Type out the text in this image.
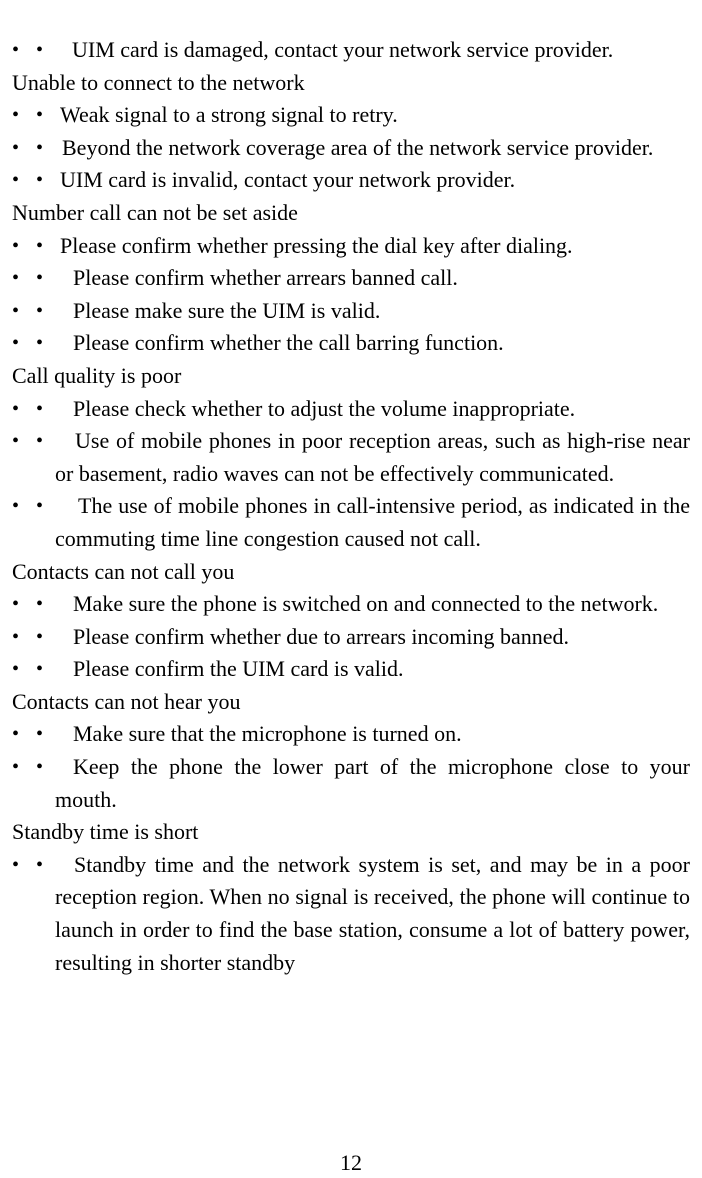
• • UIM card is damaged, contact your network service provider.
Unable to connect to the network
• • Weak signal to a strong signal to retry.
• • Beyond the network coverage area of the network service provider.
• • UIM card is invalid, contact your network provider.
Number call can not be set aside
• • Please confirm whether pressing the dial key after dialing.
• • Please confirm whether arrears banned call.
• • Please make sure the UIM is valid.
• • Please confirm whether the call barring function.
Call quality is poor
• • Please check whether to adjust the volume inappropriate.
• • Use of mobile phones in poor reception areas, such as high-rise near or basement, radio waves can not be effectively communicated.
• • The use of mobile phones in call-intensive period, as indicated in the commuting time line congestion caused not call.
Contacts can not call you
• • Make sure the phone is switched on and connected to the network.
• • Please confirm whether due to arrears incoming banned.
• • Please confirm the UIM card is valid.
Contacts can not hear you
• • Make sure that the microphone is turned on.
• • Keep the phone the lower part of the microphone close to your mouth.
Standby time is short
• • Standby time and the network system is set, and may be in a poor reception region. When no signal is received, the phone will continue to launch in order to find the base station, consume a lot of battery power, resulting in shorter standby
12
